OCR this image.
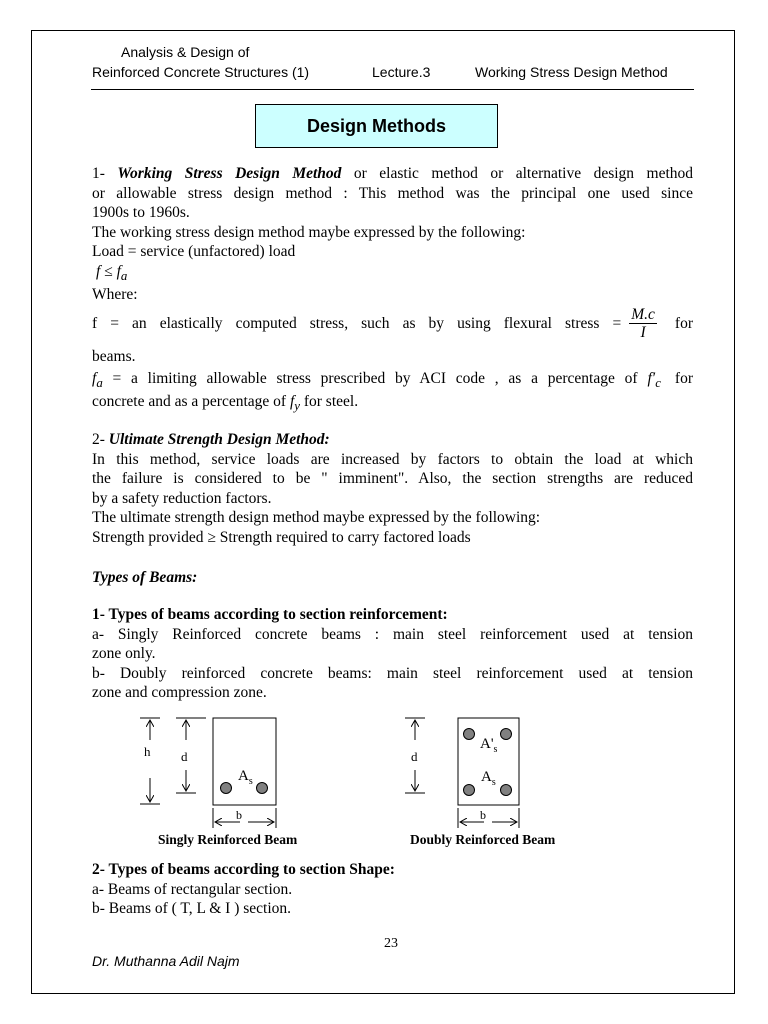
Analysis & Design of
Reinforced Concrete Structures (1)	Lecture.3	Working Stress Design Method
Design Methods
1- Working Stress Design Method or elastic method or alternative design method
or allowable stress design method : This method was the principal one used since
1900s to 1960s.
The working stress design method maybe expressed by the following:
Load = service (unfactored) load
$f \le f_a$
Where:
f = an elastically computed stress, such as by using flexural stress = $\frac{M.c}{I}$ for
beams.
$f_a = a$ limiting allowable stress prescribed by ACI code , as a percentage of $f'_c$ for
concrete and as a percentage of $f_y$ for steel.
2- Ultimate Strength Design Method:
In this method, service loads are increased by factors to obtain the load at which
the failure is considered to be " imminent". Also, the section strengths are reduced
by a safety reduction factors.
The ultimate strength design method maybe expressed by the following:
Strength provided ≥ Strength required to carry factored loads
Types of Beams:
1- Types of beams according to section reinforcement:
a- Singly Reinforced concrete beams : main steel reinforcement used at tension
zone only.
b- Doubly reinforced concrete beams: main steel reinforcement used at tension
zone and compression zone.
h d
$A_s$
b
d
$A'_s$
$A_s$
b
Singly Reinforced Beam	Doubly Reinforced Beam
2- Types of beams according to section Shape:
a- Beams of rectangular section.
b- Beams of ( T, L & I ) section.
23
Dr. Muthanna Adil Najm
